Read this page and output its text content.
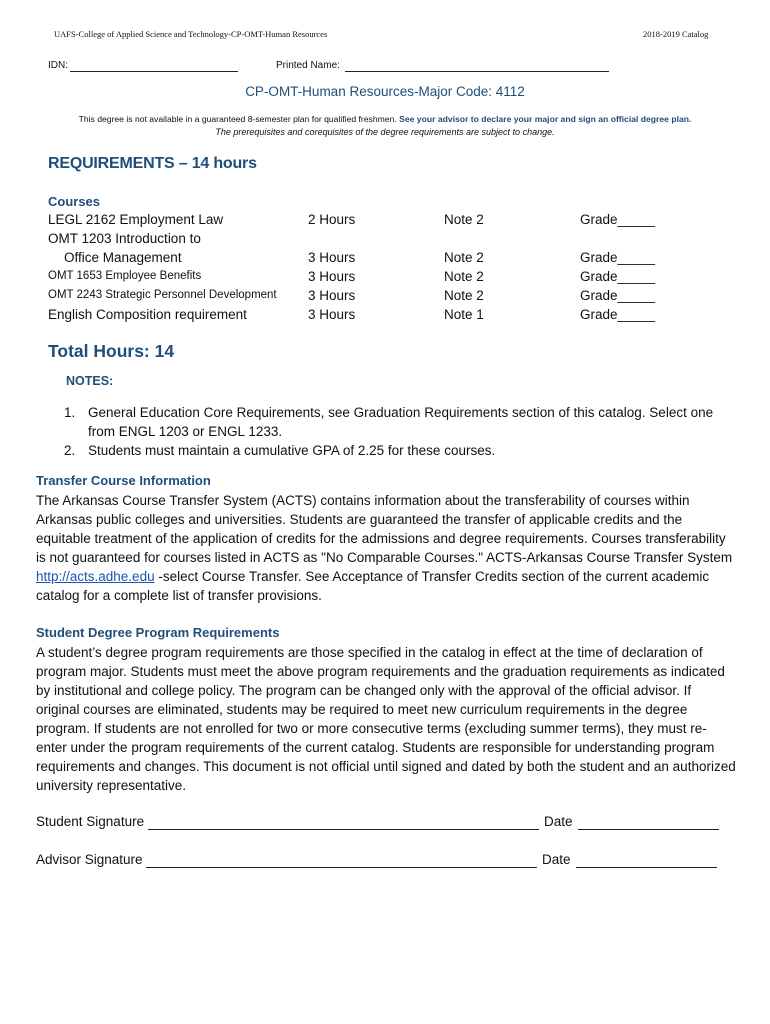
UAFS-College of Applied Science and Technology-CP-OMT-Human Resources	2018-2019 Catalog
IDN:	Printed Name:
CP-OMT-Human Resources-Major Code: 4112
This degree is not available in a guaranteed 8-semester plan for qualified freshmen. See your advisor to declare your major and sign an official degree plan.
The prerequisites and corequisites of the degree requirements are subject to change.
REQUIREMENTS – 14 hours
Courses
LEGL 2162 Employment Law	2 Hours	Note 2	Grade_____
OMT 1203 Introduction to
Office Management	3 Hours	Note 2	Grade_____
OMT 1653 Employee Benefits	3 Hours	Note 2	Grade_____
OMT 2243 Strategic Personnel Development 3 Hours	Note 2	Grade_____
English Composition requirement	3 Hours	Note 1	Grade_____
Total Hours: 14
NOTES:
1. General Education Core Requirements, see Graduation Requirements section of this catalog. Select one from ENGL 1203 or ENGL 1233.
2. Students must maintain a cumulative GPA of 2.25 for these courses.
Transfer Course Information
The Arkansas Course Transfer System (ACTS) contains information about the transferability of courses within Arkansas public colleges and universities. Students are guaranteed the transfer of applicable credits and the equitable treatment of the application of credits for the admissions and degree requirements. Courses transferability is not guaranteed for courses listed in ACTS as "No Comparable Courses." ACTS-Arkansas Course Transfer System http://acts.adhe.edu -select Course Transfer. See Acceptance of Transfer Credits section of the current academic catalog for a complete list of transfer provisions.
Student Degree Program Requirements
A student’s degree program requirements are those specified in the catalog in effect at the time of declaration of program major. Students must meet the above program requirements and the graduation requirements as indicated by institutional and college policy. The program can be changed only with the approval of the official advisor. If original courses are eliminated, students may be required to meet new curriculum requirements in the degree program. If students are not enrolled for two or more consecutive terms (excluding summer terms), they must re-enter under the program requirements of the current catalog. Students are responsible for understanding program requirements and changes. This document is not official until signed and dated by both the student and an authorized university representative.
Student Signature	Date
Advisor Signature	Date
